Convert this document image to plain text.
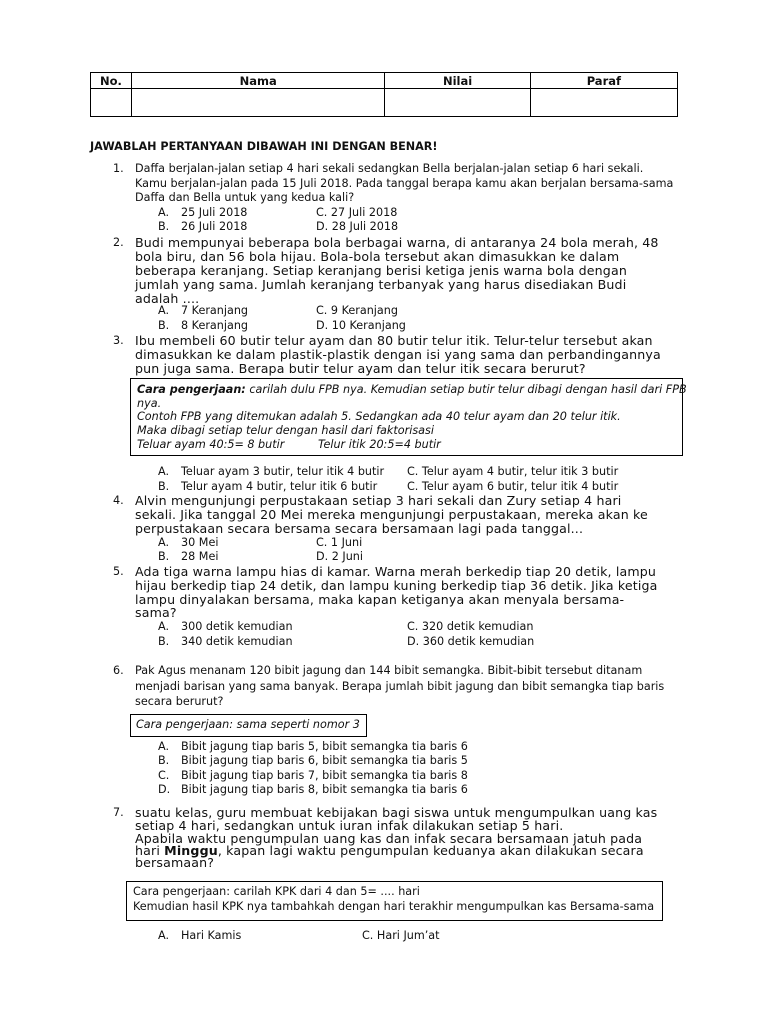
No.	Nama	Nilai	Paraf

JAWABLAH PERTANYAAN DIBAWAH INI DENGAN BENAR!
1. Daffa berjalan-jalan setiap 4 hari sekali sedangkan Bella berjalan-jalan setiap 6 hari sekali.
Kamu berjalan-jalan pada 15 Juli 2018. Pada tanggal berapa kamu akan berjalan bersama-sama
Daffa dan Bella untuk yang kedua kali?
A. 25 Juli 2018	C. 27 Juli 2018
B. 26 Juli 2018	D. 28 Juli 2018
2. Budi mempunyai beberapa bola berbagai warna, di antaranya 24 bola merah, 48
bola biru, dan 56 bola hijau. Bola-bola tersebut akan dimasukkan ke dalam
beberapa keranjang. Setiap keranjang berisi ketiga jenis warna bola dengan
jumlah yang sama. Jumlah keranjang terbanyak yang harus disediakan Budi
adalah ....
A. 7 Keranjang	C. 9 Keranjang
B. 8 Keranjang	D. 10 Keranjang
3. Ibu membeli 60 butir telur ayam dan 80 butir telur itik. Telur-telur tersebut akan
dimasukkan ke dalam plastik-plastik dengan isi yang sama dan perbandingannya
pun juga sama. Berapa butir telur ayam dan telur itik secara berurut?
Cara pengerjaan: carilah dulu FPB nya. Kemudian setiap butir telur dibagi dengan hasil dari FPB
nya.
Contoh FPB yang ditemukan adalah 5. Sedangkan ada 40 telur ayam dan 20 telur itik.
Maka dibagi setiap telur dengan hasil dari faktorisasi
Teluar ayam 40:5= 8 butir	Telur itik 20:5=4 butir
A. Teluar ayam 3 butir, telur itik 4 butir C. Telur ayam 4 butir, telur itik 3 butir
B. Telur ayam 4 butir, telur itik 6 butir	C. Telur ayam 6 butir, telur itik 4 butir
4. Alvin mengunjungi perpustakaan setiap 3 hari sekali dan Zury setiap 4 hari
sekali. Jika tanggal 20 Mei mereka mengunjungi perpustakaan, mereka akan ke
perpustakaan secara bersama secara bersamaan lagi pada tanggal...
A. 30 Mei	C. 1 Juni
B. 28 Mei	D. 2 Juni
5. Ada tiga warna lampu hias di kamar. Warna merah berkedip tiap 20 detik, lampu
hijau berkedip tiap 24 detik, dan lampu kuning berkedip tiap 36 detik. Jika ketiga
lampu dinyalakan bersama, maka kapan ketiganya akan menyala bersama-
sama?
A. 300 detik kemudian	C. 320 detik kemudian
B. 340 detik kemudian	D. 360 detik kemudian
6. Pak Agus menanam 120 bibit jagung dan 144 bibit semangka. Bibit-bibit tersebut ditanam
menjadi barisan yang sama banyak. Berapa jumlah bibit jagung dan bibit semangka tiap baris
secara berurut?
Cara pengerjaan: sama seperti nomor 3
A. Bibit jagung tiap baris 5, bibit semangka tia baris 6
B. Bibit jagung tiap baris 6, bibit semangka tia baris 5
C. Bibit jagung tiap baris 7, bibit semangka tia baris 8
D. Bibit jagung tiap baris 8, bibit semangka tia baris 6
7. suatu kelas, guru membuat kebijakan bagi siswa untuk mengumpulkan uang kas
setiap 4 hari, sedangkan untuk iuran infak dilakukan setiap 5 hari.
Apabila waktu pengumpulan uang kas dan infak secara bersamaan jatuh pada
hari Minggu, kapan lagi waktu pengumpulan keduanya akan dilakukan secara
bersamaan?
Cara pengerjaan: carilah KPK dari 4 dan 5= .... hari
Kemudian hasil KPK nya tambahkah dengan hari terakhir mengumpulkan kas Bersama-sama
A. Hari Kamis	C. Hari Jum’at
